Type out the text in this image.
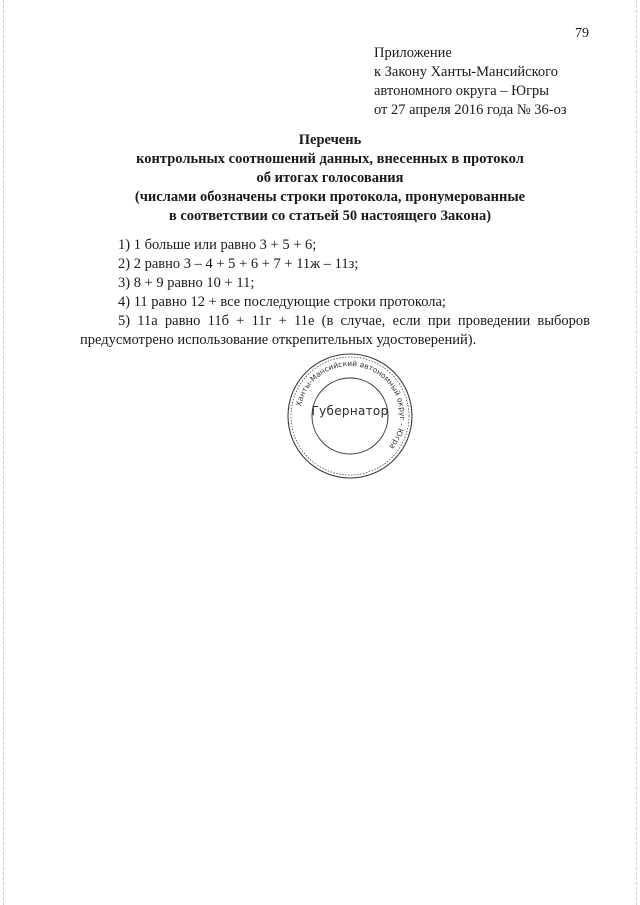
79
Приложение
к Закону Ханты-Мансийского
автономного округа – Югры
от 27 апреля 2016 года № 36-оз
Перечень
контрольных соотношений данных, внесенных в протокол
об итогах голосования
(числами обозначены строки протокола, пронумерованные
в соответствии со статьей 50 настоящего Закона)
1) 1 больше или равно 3 + 5 + 6;
2) 2 равно 3 – 4 + 5 + 6 + 7 + 11ж – 11з;
3) 8 + 9 равно 10 + 11;
4) 11 равно 12 + все последующие строки протокола;
5) 11а равно 11б + 11г + 11е (в случае, если при проведении выборов предусмотрено использование открепительных удостоверений).
Ханты-Мансийский автономный округ - Югра
Губернатор
